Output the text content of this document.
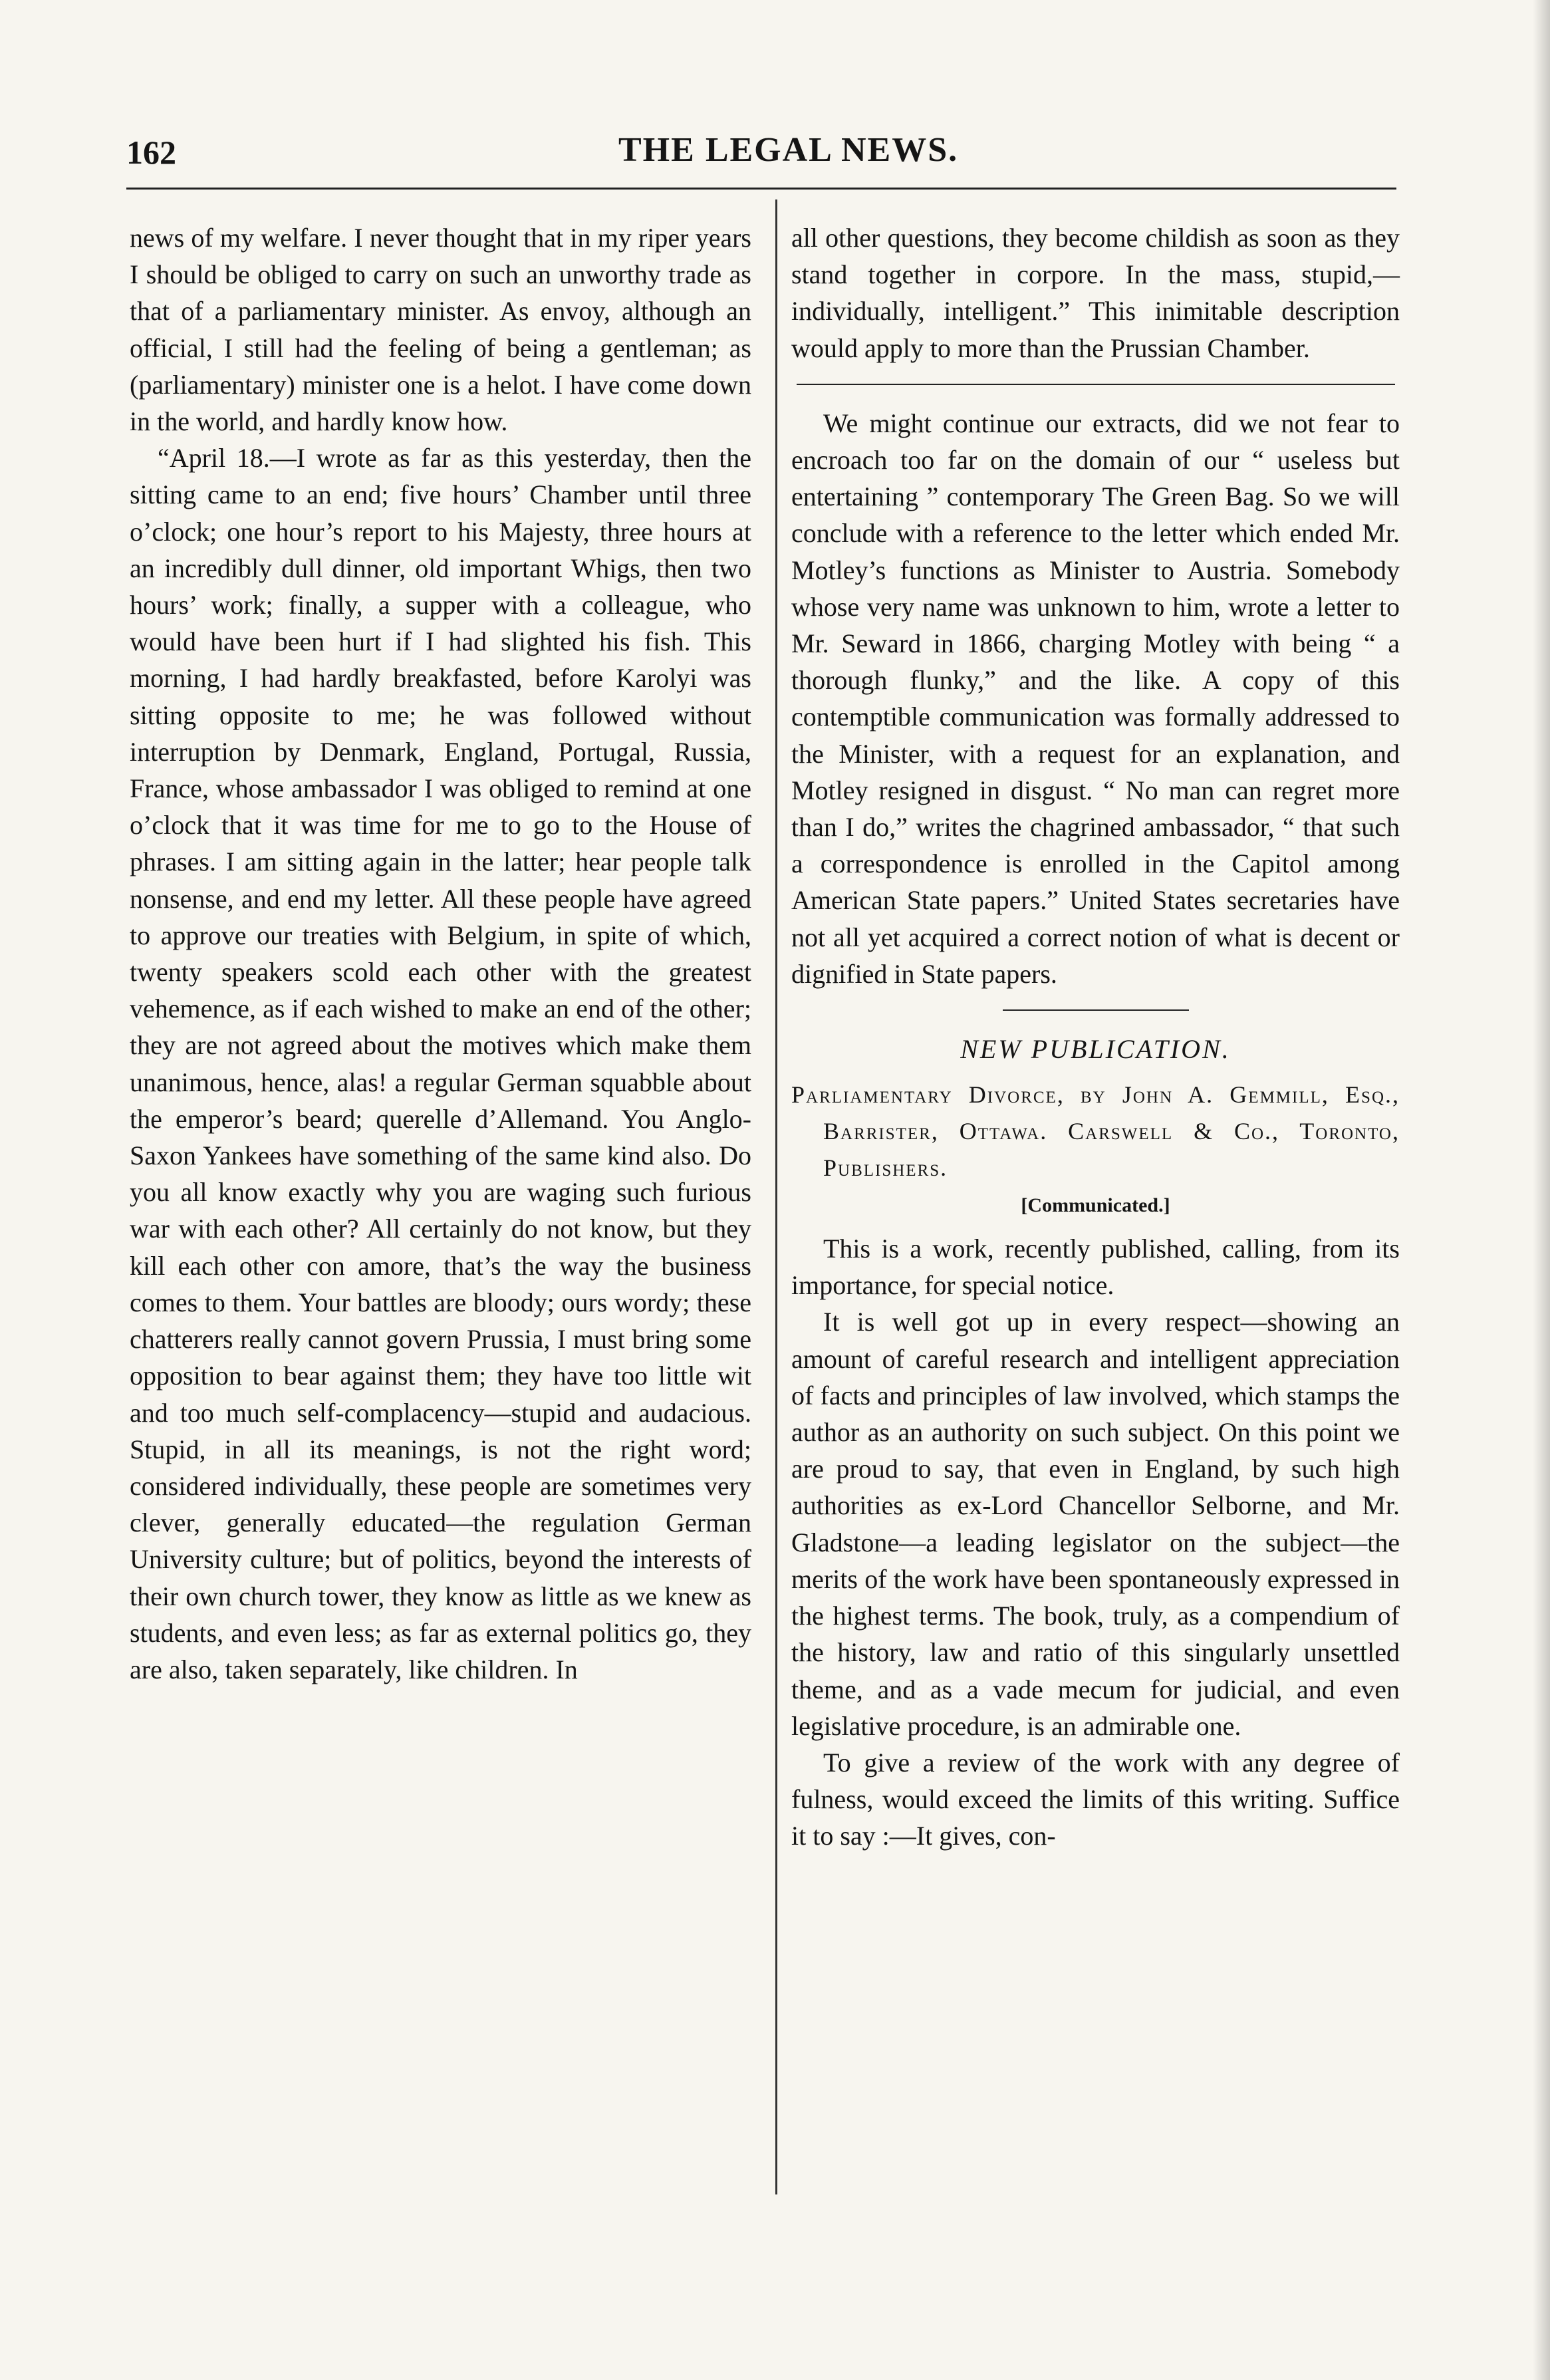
162	THE LEGAL NEWS.

news of my welfare. I never thought that in my riper years I should be obliged to carry on such an unworthy trade as that of a parliamentary minister. As envoy, although an official, I still had the feeling of being a gentleman; as (parliamentary) minister one is a helot. I have come down in the world, and hardly know how.

“April 18.—I wrote as far as this yesterday, then the sitting came to an end; five hours’ Chamber until three o’clock; one hour’s report to his Majesty, three hours at an incredibly dull dinner, old important Whigs, then two hours’ work; finally, a supper with a colleague, who would have been hurt if I had slighted his fish. This morning, I had hardly breakfasted, before Karolyi was sitting opposite to me; he was followed without interruption by Denmark, England, Portugal, Russia, France, whose ambassador I was obliged to remind at one o’clock that it was time for me to go to the House of phrases. I am sitting again in the latter; hear people talk nonsense, and end my letter. All these people have agreed to approve our treaties with Belgium, in spite of which, twenty speakers scold each other with the greatest vehemence, as if each wished to make an end of the other; they are not agreed about the motives which make them unanimous, hence, alas! a regular German squabble about the emperor’s beard; querelle d’Allemand. You Anglo-Saxon Yankees have something of the same kind also. Do you all know exactly why you are waging such furious war with each other? All certainly do not know, but they kill each other con amore, that’s the way the business comes to them. Your battles are bloody; ours wordy; these chatterers really cannot govern Prussia, I must bring some opposition to bear against them; they have too little wit and too much self-complacency—stupid and audacious. Stupid, in all its meanings, is not the right word; considered individually, these people are sometimes very clever, generally educated—the regulation German University culture; but of politics, beyond the interests of their own church tower, they know as little as we knew as students, and even less; as far as external politics go, they are also, taken separately, like children. In

all other questions, they become childish as soon as they stand together in corpore. In the mass, stupid,—individually, intelligent.” This inimitable description would apply to more than the Prussian Chamber.

We might continue our extracts, did we not fear to encroach too far on the domain of our “ useless but entertaining ” contemporary The Green Bag. So we will conclude with a reference to the letter which ended Mr. Motley’s functions as Minister to Austria. Somebody whose very name was unknown to him, wrote a letter to Mr. Seward in 1866, charging Motley with being “ a thorough flunky,” and the like. A copy of this contemptible communication was formally addressed to the Minister, with a request for an explanation, and Motley resigned in disgust. “ No man can regret more than I do,” writes the chagrined ambassador, “ that such a correspondence is enrolled in the Capitol among American State papers.” United States secretaries have not all yet acquired a correct notion of what is decent or dignified in State papers.

NEW PUBLICATION.

Parliamentary Divorce, by John A. Gemmill, Esq., Barrister, Ottawa. Carswell & Co., Toronto, Publishers.

[Communicated.]

This is a work, recently published, calling, from its importance, for special notice.

It is well got up in every respect—showing an amount of careful research and intelligent appreciation of facts and principles of law involved, which stamps the author as an authority on such subject. On this point we are proud to say, that even in England, by such high authorities as ex-Lord Chancellor Selborne, and Mr. Gladstone—a leading legislator on the subject—the merits of the work have been spontaneously expressed in the highest terms. The book, truly, as a compendium of the history, law and ratio of this singularly unsettled theme, and as a vade mecum for judicial, and even legislative procedure, is an admirable one.

To give a review of the work with any degree of fulness, would exceed the limits of this writing. Suffice it to say :—It gives, con-
